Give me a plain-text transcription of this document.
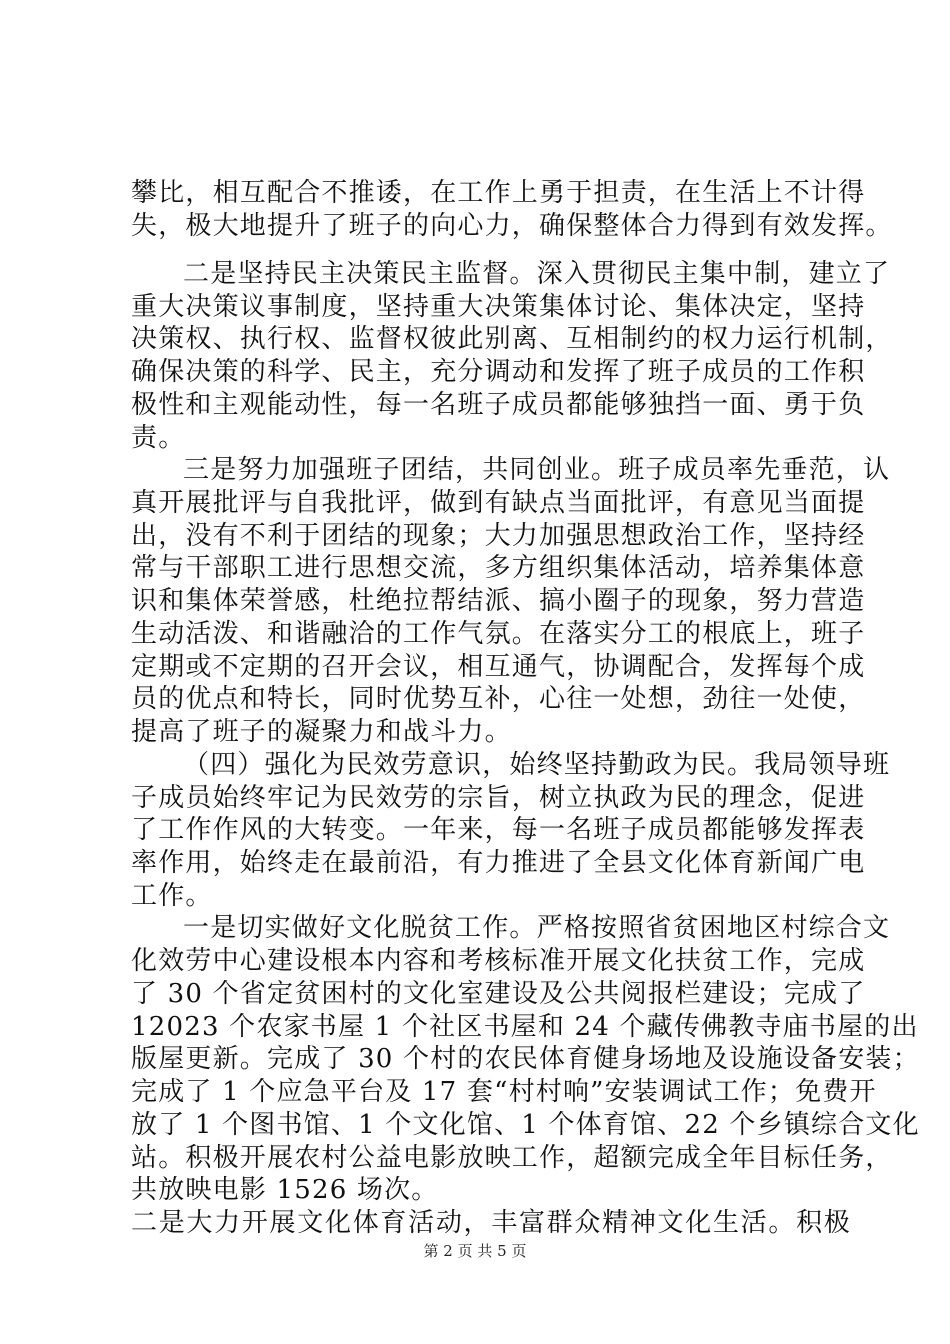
攀比，相互配合不推诿，在工作上勇于担责，在生活上不计得
失，极大地提升了班子的向心力，确保整体合力得到有效发挥。
二是坚持民主决策民主监督。深入贯彻民主集中制，建立了
重大决策议事制度，坚持重大决策集体讨论、集体决定，坚持
决策权、执行权、监督权彼此别离、互相制约的权力运行机制，
确保决策的科学、民主，充分调动和发挥了班子成员的工作积
极性和主观能动性，每一名班子成员都能够独挡一面、勇于负
责。
三是努力加强班子团结，共同创业。班子成员率先垂范，认
真开展批评与自我批评，做到有缺点当面批评，有意见当面提
出，没有不利于团结的现象；大力加强思想政治工作，坚持经
常与干部职工进行思想交流，多方组织集体活动，培养集体意
识和集体荣誉感，杜绝拉帮结派、搞小圈子的现象，努力营造
生动活泼、和谐融洽的工作气氛。在落实分工的根底上，班子
定期或不定期的召开会议，相互通气，协调配合，发挥每个成
员的优点和特长，同时优势互补，心往一处想，劲往一处使，
提高了班子的凝聚力和战斗力。
（四）强化为民效劳意识，始终坚持勤政为民。我局领导班
子成员始终牢记为民效劳的宗旨，树立执政为民的理念，促进
了工作作风的大转变。一年来，每一名班子成员都能够发挥表
率作用，始终走在最前沿，有力推进了全县文化体育新闻广电
工作。
一是切实做好文化脱贫工作。严格按照省贫困地区村综合文
化效劳中心建设根本内容和考核标准开展文化扶贫工作，完成
了 30 个省定贫困村的文化室建设及公共阅报栏建设；完成了
12023 个农家书屋 1 个社区书屋和 24 个藏传佛教寺庙书屋的出
版屋更新。完成了 30 个村的农民体育健身场地及设施设备安装；
完成了 1 个应急平台及 17 套“村村响”安装调试工作；免费开
放了 1 个图书馆、1 个文化馆、1 个体育馆、22 个乡镇综合文化
站。积极开展农村公益电影放映工作，超额完成全年目标任务，
共放映电影 1526 场次。
二是大力开展文化体育活动，丰富群众精神文化生活。积极
第 2 页 共 5 页
